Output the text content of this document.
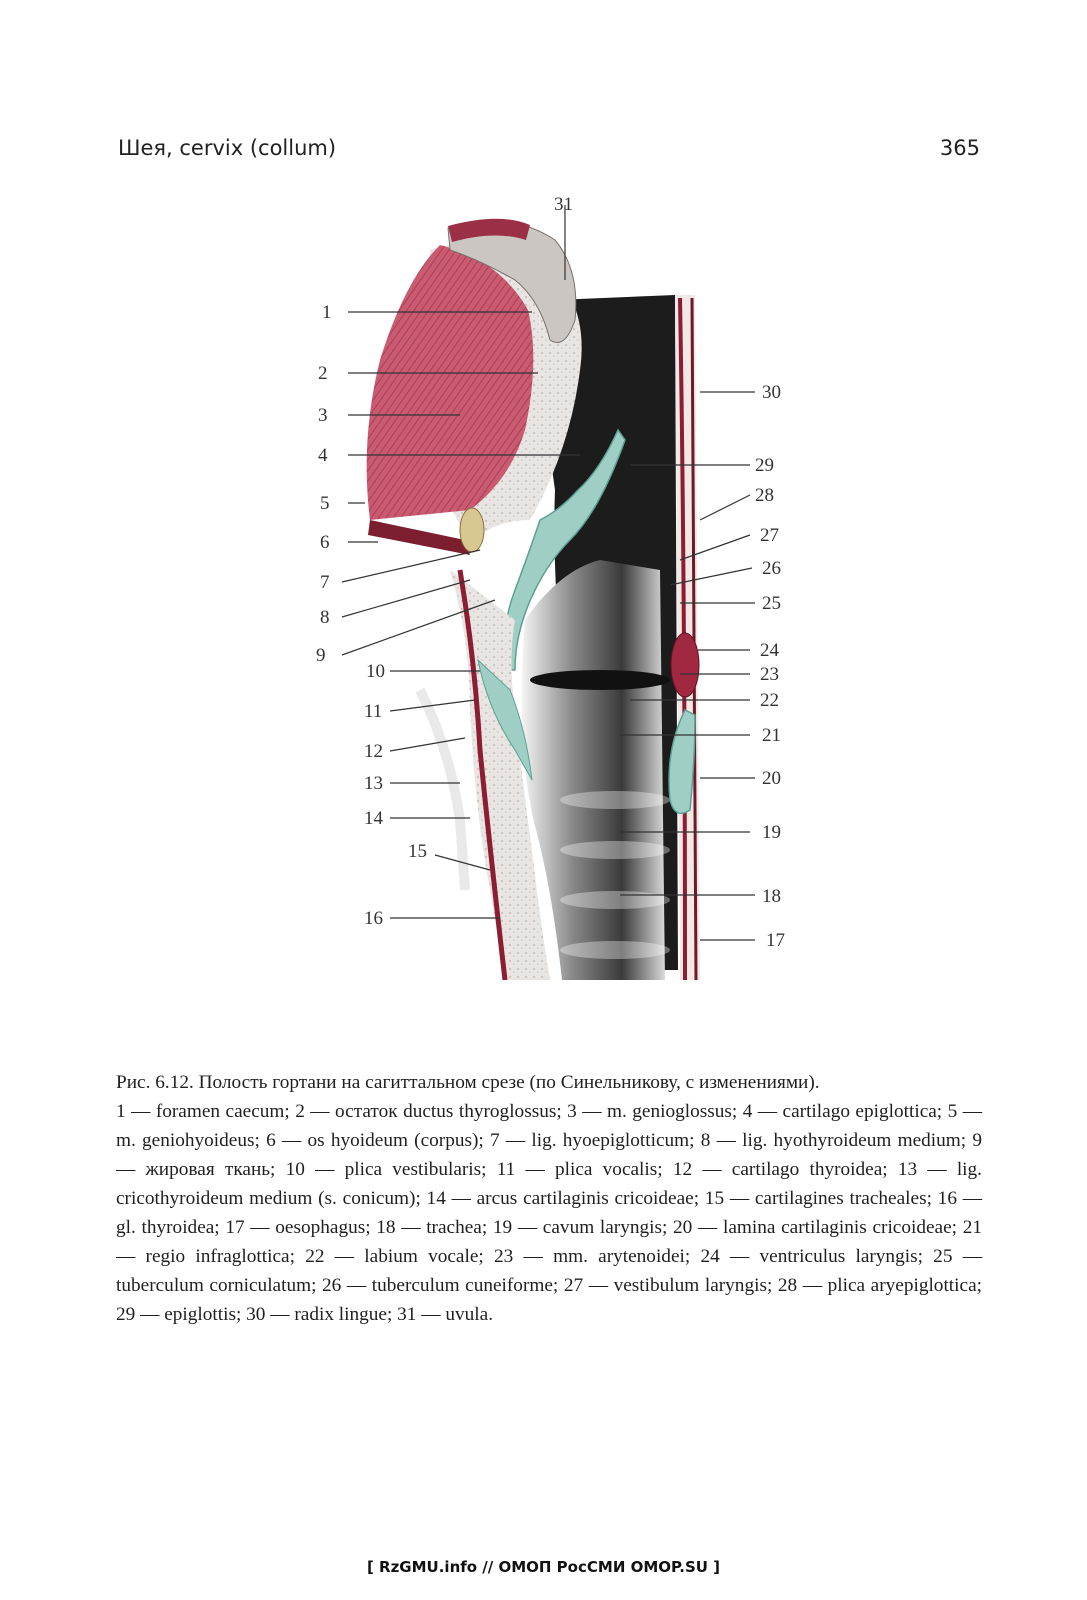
Шея, cervix (collum)	365
1
2
3
4
5
6
7
8
9
10
11
12
13
14
15
16
17
18
19
20
21
22
23
24
25
26
27
28
29
30
31

Рис. 6.12. Полость гортани на сагиттальном срезе (по Синельникову, с изменениями).

1 — foramen caecum; 2 — остаток ductus thyroglossus; 3 — m. genioglossus; 4 — cartilago epiglottica; 5 — m. geniohyoideus; 6 — os hyoideum (corpus); 7 — lig. hyoepiglotticum; 8 — lig. hyothyroideum medium; 9 — жировая ткань; 10 — plica vestibularis; 11 — plica vocalis; 12 — cartilago thyroidea; 13 — lig. cricothyroideum medium (s. conicum); 14 — arcus cartilaginis cricoideae; 15 — cartilagines tracheales; 16 — gl. thyroidea; 17 — oesophagus; 18 — trachea; 19 — cavum laryngis; 20 — lamina cartilaginis cricoideae; 21 — regio infraglottica; 22 — labium vocale; 23 — mm. arytenoidei; 24 — ventriculus laryngis; 25 — tuberculum corniculatum; 26 — tuberculum cuneiforme; 27 — vestibulum laryngis; 28 — plica aryepiglottica; 29 — epiglottis; 30 — radix lingue; 31 — uvula.

[ RzGMU.info // ОМОП РосСМИ OMOP.SU ]
